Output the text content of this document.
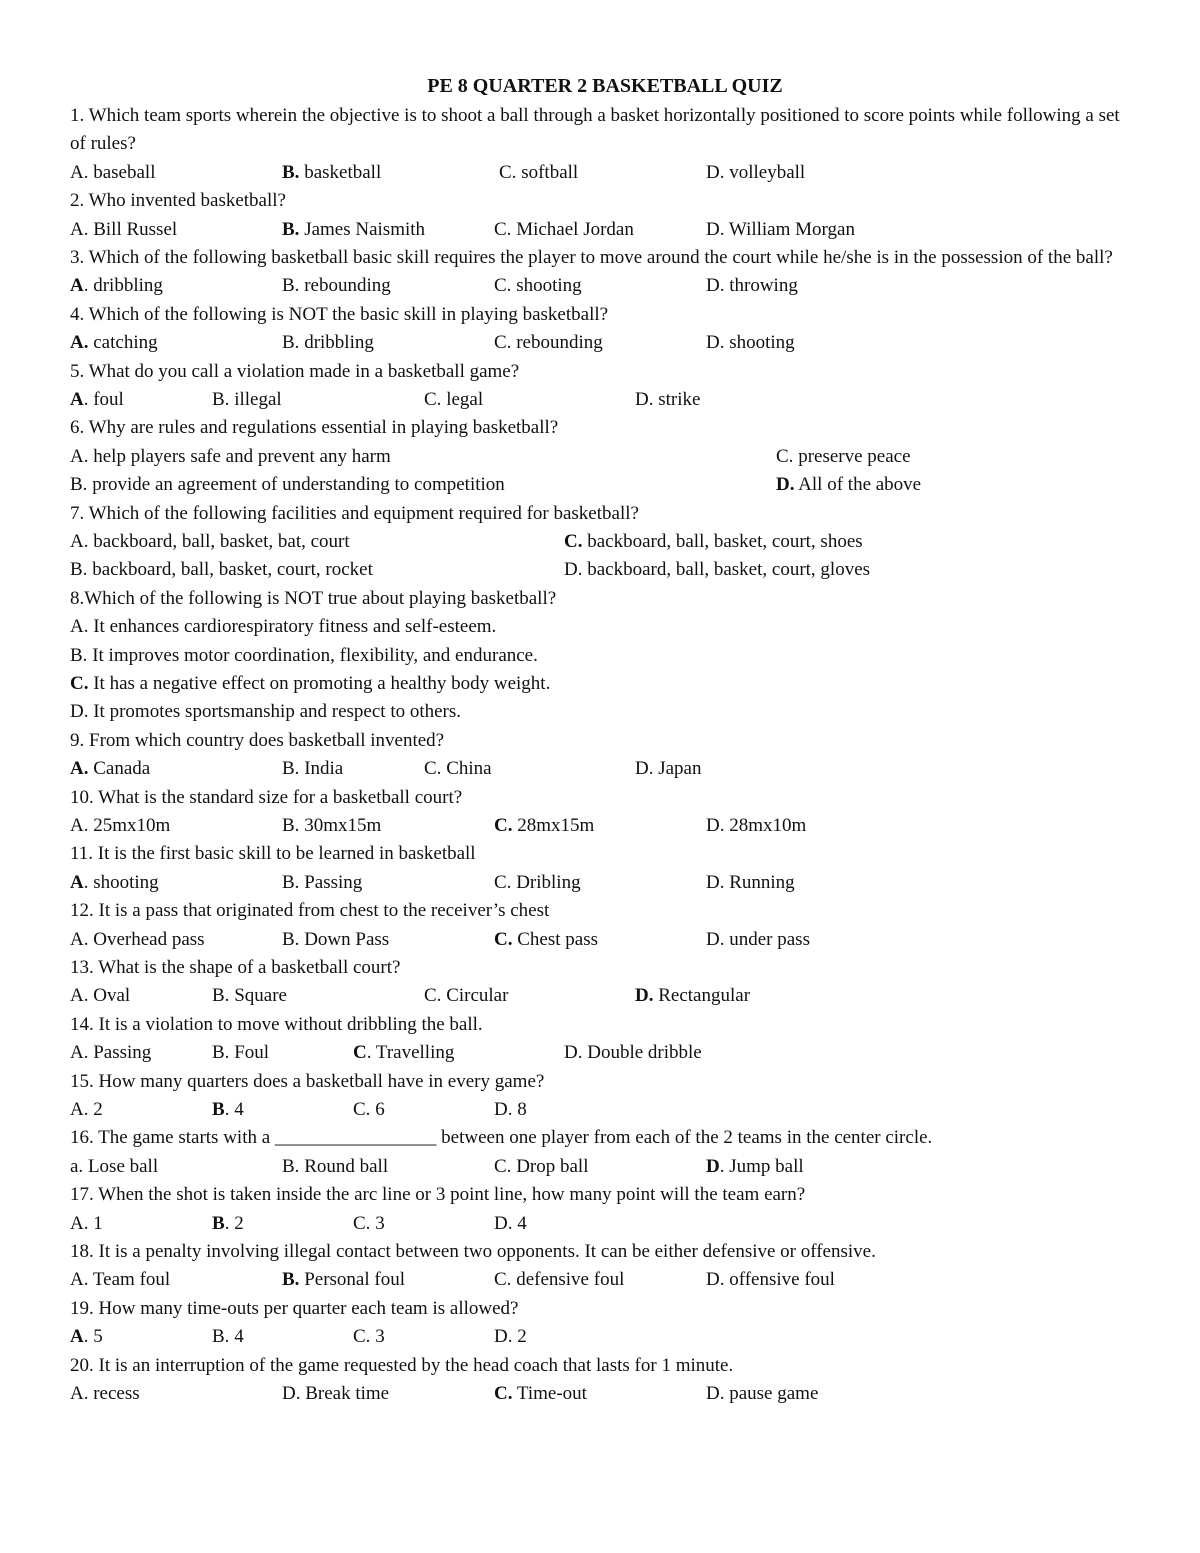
PE 8 QUARTER 2 BASKETBALL QUIZ
1. Which team sports wherein the objective is to shoot a ball through a basket horizontally positioned to score points while following a set of rules?
A. baseball	B. basketball	C. softball	D. volleyball
2. Who invented basketball?
A. Bill Russel	B. James Naismith	C. Michael Jordan	D. William Morgan
3. Which of the following basketball basic skill requires the player to move around the court while he/she is in the possession of the ball?
A. dribbling	B. rebounding	C. shooting	D. throwing
4. Which of the following is NOT the basic skill in playing basketball?
A. catching	B. dribbling	C. rebounding	D. shooting
5. What do you call a violation made in a basketball game?
A. foul	B. illegal	C. legal	D. strike
6. Why are rules and regulations essential in playing basketball?
A. help players safe and prevent any harm	C. preserve peace
B. provide an agreement of understanding to competition	D. All of the above
7. Which of the following facilities and equipment required for basketball?
A. backboard, ball, basket, bat, court	C. backboard, ball, basket, court, shoes
B. backboard, ball, basket, court, rocket	D. backboard, ball, basket, court, gloves
8.Which of the following is NOT true about playing basketball?
A. It enhances cardiorespiratory fitness and self-esteem.
B. It improves motor coordination, flexibility, and endurance.
C. It has a negative effect on promoting a healthy body weight.
D. It promotes sportsmanship and respect to others.
9. From which country does basketball invented?
A. Canada	B. India	C. China	D. Japan
10. What is the standard size for a basketball court?
A. 25mx10m	B. 30mx15m	C. 28mx15m	D. 28mx10m
11. It is the first basic skill to be learned in basketball
A. shooting	B. Passing	C. Dribling	D. Running
12. It is a pass that originated from chest to the receiver’s chest
A. Overhead pass	B. Down Pass	C. Chest pass	D. under pass
13. What is the shape of a basketball court?
A. Oval	B. Square	C. Circular	D. Rectangular
14. It is a violation to move without dribbling the ball.
A. Passing	B. Foul	C. Travelling	D. Double dribble
15. How many quarters does a basketball have in every game?
A. 2	B. 4	C. 6	D. 8
16. The game starts with a _________________ between one player from each of the 2 teams in the center circle.
a. Lose ball	B. Round ball	C. Drop ball	D. Jump ball
17. When the shot is taken inside the arc line or 3 point line, how many point will the team earn?
A. 1	B. 2	C. 3	D. 4
18. It is a penalty involving illegal contact between two opponents. It can be either defensive or offensive.
A. Team foul	B. Personal foul	C. defensive foul	D. offensive foul
19. How many time-outs per quarter each team is allowed?
A. 5	B. 4	C. 3	D. 2
20. It is an interruption of the game requested by the head coach that lasts for 1 minute.
A. recess	D. Break time	C. Time-out	D. pause game
